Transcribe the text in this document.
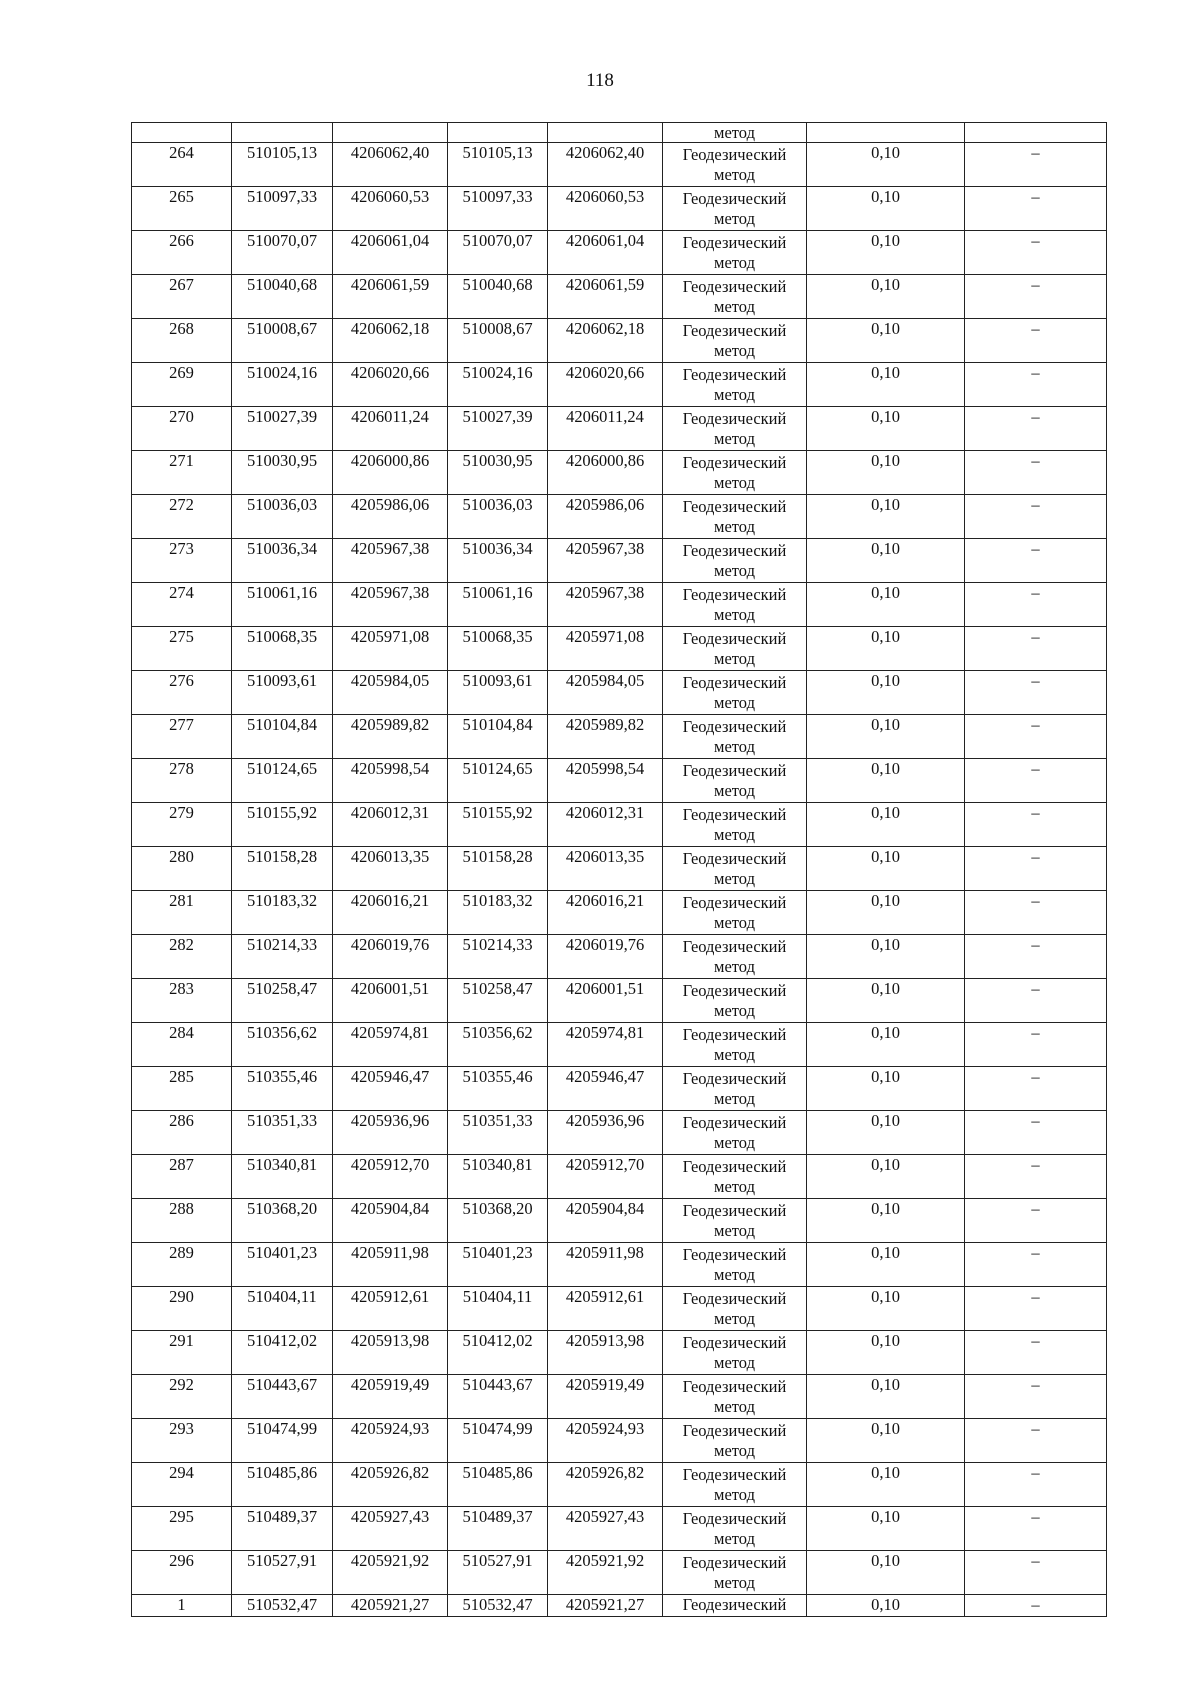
118
					метод		
264	510105,13	4206062,40	510105,13	4206062,40	Геодезический метод	0,10	–
265	510097,33	4206060,53	510097,33	4206060,53	Геодезический метод	0,10	–
266	510070,07	4206061,04	510070,07	4206061,04	Геодезический метод	0,10	–
267	510040,68	4206061,59	510040,68	4206061,59	Геодезический метод	0,10	–
268	510008,67	4206062,18	510008,67	4206062,18	Геодезический метод	0,10	–
269	510024,16	4206020,66	510024,16	4206020,66	Геодезический метод	0,10	–
270	510027,39	4206011,24	510027,39	4206011,24	Геодезический метод	0,10	–
271	510030,95	4206000,86	510030,95	4206000,86	Геодезический метод	0,10	–
272	510036,03	4205986,06	510036,03	4205986,06	Геодезический метод	0,10	–
273	510036,34	4205967,38	510036,34	4205967,38	Геодезический метод	0,10	–
274	510061,16	4205967,38	510061,16	4205967,38	Геодезический метод	0,10	–
275	510068,35	4205971,08	510068,35	4205971,08	Геодезический метод	0,10	–
276	510093,61	4205984,05	510093,61	4205984,05	Геодезический метод	0,10	–
277	510104,84	4205989,82	510104,84	4205989,82	Геодезический метод	0,10	–
278	510124,65	4205998,54	510124,65	4205998,54	Геодезический метод	0,10	–
279	510155,92	4206012,31	510155,92	4206012,31	Геодезический метод	0,10	–
280	510158,28	4206013,35	510158,28	4206013,35	Геодезический метод	0,10	–
281	510183,32	4206016,21	510183,32	4206016,21	Геодезический метод	0,10	–
282	510214,33	4206019,76	510214,33	4206019,76	Геодезический метод	0,10	–
283	510258,47	4206001,51	510258,47	4206001,51	Геодезический метод	0,10	–
284	510356,62	4205974,81	510356,62	4205974,81	Геодезический метод	0,10	–
285	510355,46	4205946,47	510355,46	4205946,47	Геодезический метод	0,10	–
286	510351,33	4205936,96	510351,33	4205936,96	Геодезический метод	0,10	–
287	510340,81	4205912,70	510340,81	4205912,70	Геодезический метод	0,10	–
288	510368,20	4205904,84	510368,20	4205904,84	Геодезический метод	0,10	–
289	510401,23	4205911,98	510401,23	4205911,98	Геодезический метод	0,10	–
290	510404,11	4205912,61	510404,11	4205912,61	Геодезический метод	0,10	–
291	510412,02	4205913,98	510412,02	4205913,98	Геодезический метод	0,10	–
292	510443,67	4205919,49	510443,67	4205919,49	Геодезический метод	0,10	–
293	510474,99	4205924,93	510474,99	4205924,93	Геодезический метод	0,10	–
294	510485,86	4205926,82	510485,86	4205926,82	Геодезический метод	0,10	–
295	510489,37	4205927,43	510489,37	4205927,43	Геодезический метод	0,10	–
296	510527,91	4205921,92	510527,91	4205921,92	Геодезический метод	0,10	–
1	510532,47	4205921,27	510532,47	4205921,27	Геодезический	0,10	–
